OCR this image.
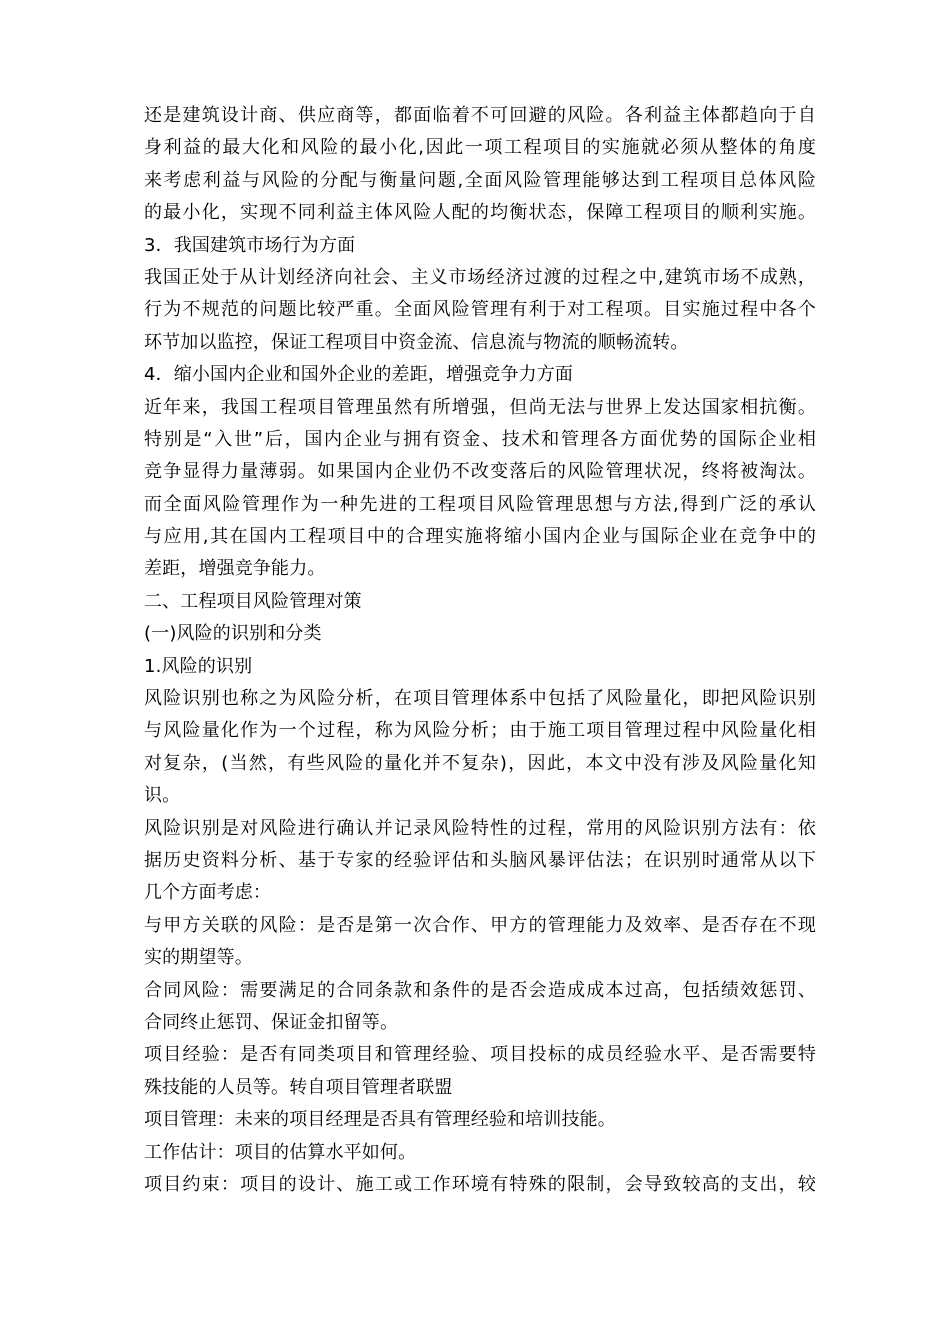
还是建筑设计商、供应商等，都面临着不可回避的风险。各利益主体都趋向于自
身利益的最大化和风险的最小化,因此一项工程项目的实施就必须从整体的角度
来考虑利益与风险的分配与衡量问题,全面风险管理能够达到工程项目总体风险
的最小化，实现不同利益主体风险人配的均衡状态，保障工程项目的顺利实施。
3．我国建筑市场行为方面
我国正处于从计划经济向社会、主义市场经济过渡的过程之中,建筑市场不成熟，
行为不规范的问题比较严重。全面风险管理有利于对工程项。目实施过程中各个
环节加以监控，保证工程项目中资金流、信息流与物流的顺畅流转。
4．缩小国内企业和国外企业的差距，增强竞争力方面
近年来，我国工程项目管理虽然有所增强，但尚无法与世界上发达国家相抗衡。
特别是“入世”后，国内企业与拥有资金、技术和管理各方面优势的国际企业相
竞争显得力量薄弱。如果国内企业仍不改变落后的风险管理状况，终将被淘汰。
而全面风险管理作为一种先进的工程项目风险管理思想与方法,得到广泛的承认
与应用,其在国内工程项目中的合理实施将缩小国内企业与国际企业在竞争中的
差距，增强竞争能力。
二、工程项目风险管理对策
(一)风险的识别和分类
1.风险的识别
风险识别也称之为风险分析，在项目管理体系中包括了风险量化，即把风险识别
与风险量化作为一个过程，称为风险分析；由于施工项目管理过程中风险量化相
对复杂，(当然，有些风险的量化并不复杂)，因此，本文中没有涉及风险量化知
识。
风险识别是对风险进行确认并记录风险特性的过程，常用的风险识别方法有：依
据历史资料分析、基于专家的经验评估和头脑风暴评估法；在识别时通常从以下
几个方面考虑：
与甲方关联的风险：是否是第一次合作、甲方的管理能力及效率、是否存在不现
实的期望等。
合同风险：需要满足的合同条款和条件的是否会造成成本过高，包括绩效惩罚、
合同终止惩罚、保证金扣留等。
项目经验：是否有同类项目和管理经验、项目投标的成员经验水平、是否需要特
殊技能的人员等。转自项目管理者联盟
项目管理：未来的项目经理是否具有管理经验和培训技能。
工作估计：项目的估算水平如何。
项目约束：项目的设计、施工或工作环境有特殊的限制，会导致较高的支出，较
